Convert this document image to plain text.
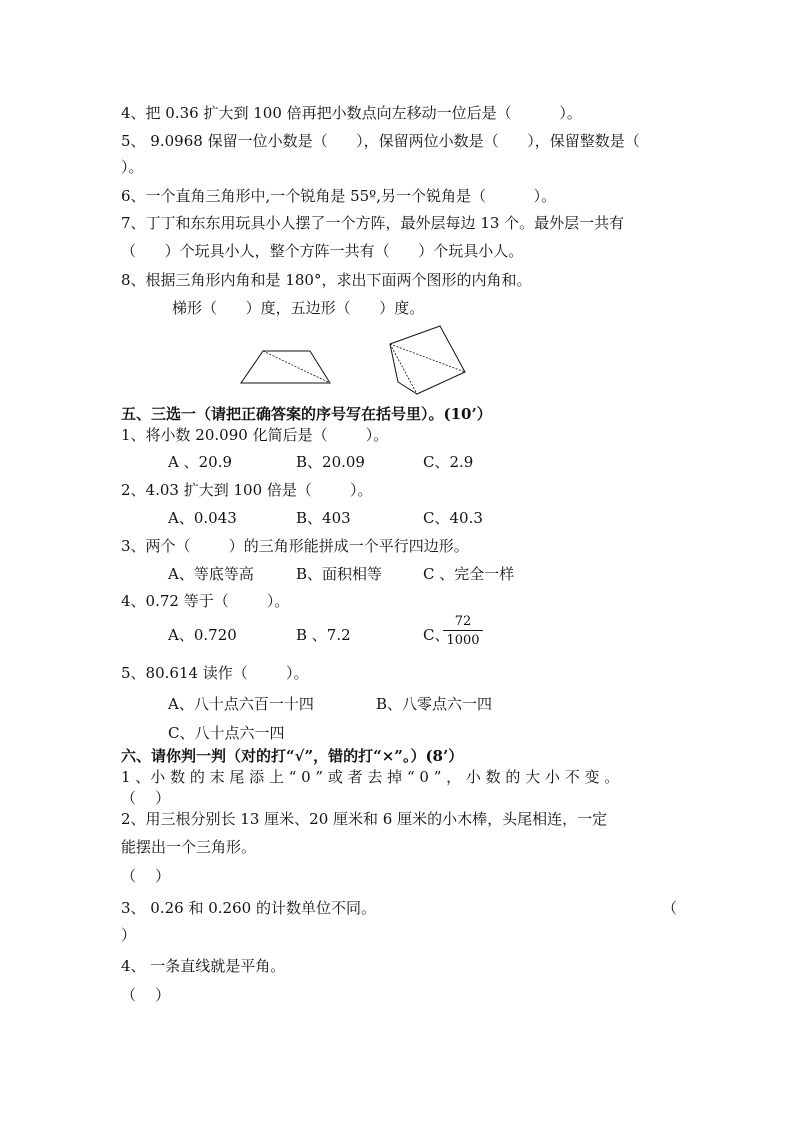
4、把 0.36 扩大到 100 倍再把小数点向左移动一位后是（          ）。
5、 9.0968 保留一位小数是（      ），保留两位小数是（      ），保留整数是（
）。
6、一个直角三角形中,一个锐角是 55º,另一个锐角是（          ）。
7、丁丁和东东用玩具小人摆了一个方阵，最外层每边 13 个。最外层一共有
（      ）个玩具小人，整个方阵一共有（      ）个玩具小人。
8、根据三角形内角和是 180°，求出下面两个图形的内角和。
梯形（      ）度，五边形（      ）度。
五、三选一（请把正确答案的序号写在括号里）。(10’）
1、将小数 20.090 化简后是（        ）。
A 、20.9	B、20.09	C、2.9
2、4.03 扩大到 100 倍是（        ）。
A、0.043	B、403	C、40.3
3、两个（        ）的三角形能拼成一个平行四边形。
A、等底等高	B、面积相等	C 、完全一样
4、0.72 等于（        ）。
A、0.720	B 、7.2	C、
$\frac{72}{1000}$
5、80.614 读作（        ）。
A、八十点六百一十四	B、八零点六一四
C、八十点六一四
六、请你判一判（对的打“√”，错的打“×”。）(8’）
1 、小 数 的 末 尾 添 上 “ 0 ” 或 者 去 掉 “ 0 ” ， 小 数 的 大 小 不 变 。
（    ）
2、用三根分别长 13 厘米、20 厘米和 6 厘米的小木棒，头尾相连，一定
能摆出一个三角形。
（    ）
3、 0.26 和 0.260 的计数单位不同。	（
）
4、 一条直线就是平角。
（    ）
